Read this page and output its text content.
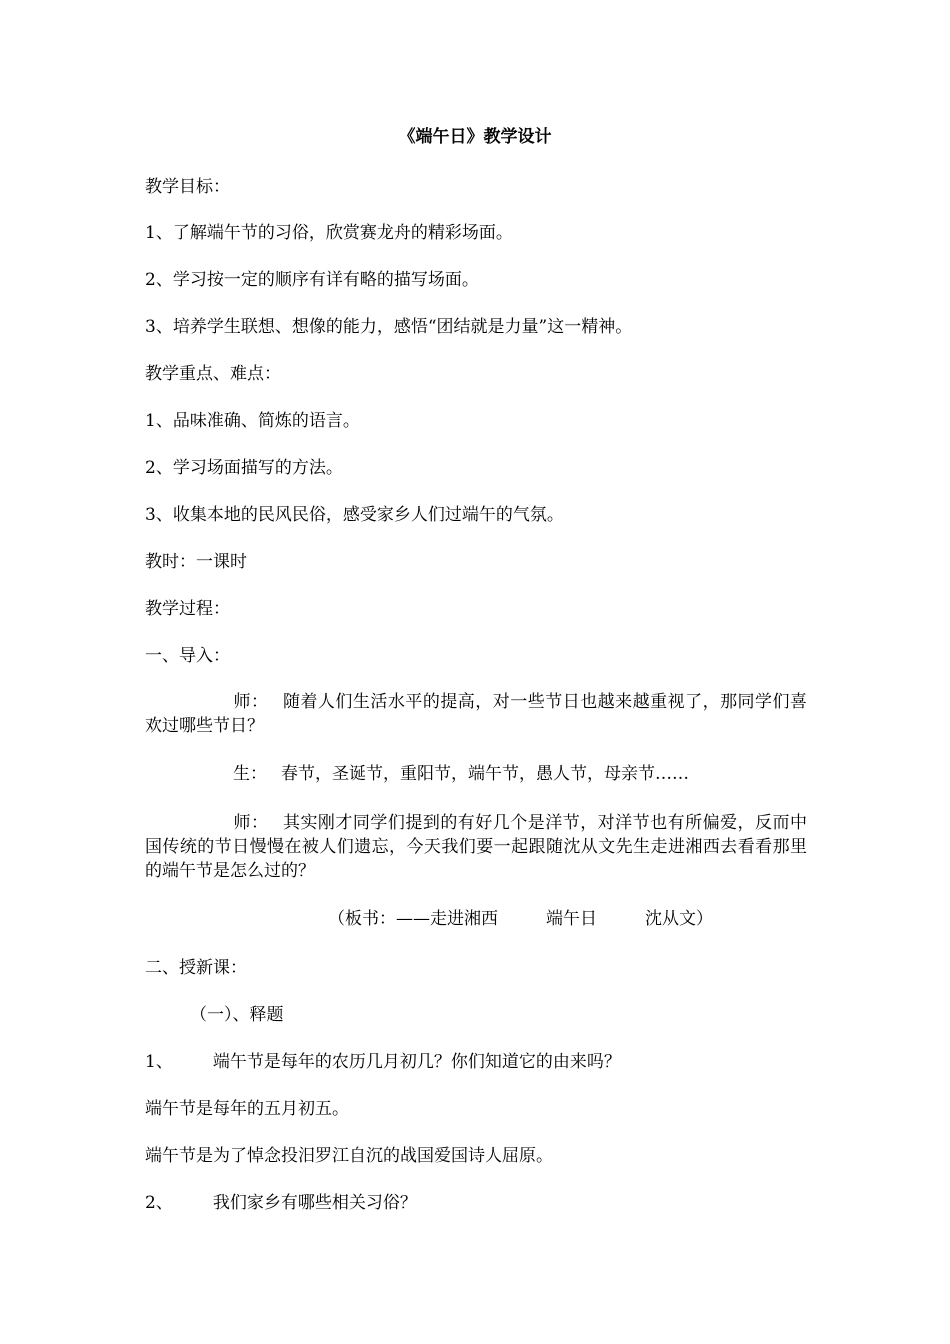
《端午日》教学设计
教学目标：
1、了解端午节的习俗，欣赏赛龙舟的精彩场面。
2、学习按一定的顺序有详有略的描写场面。
3、培养学生联想、想像的能力，感悟“团结就是力量”这一精神。
教学重点、难点：
1、品味准确、简炼的语言。
2、学习场面描写的方法。
3、收集本地的民风民俗，感受家乡人们过端午的气氛。
教时：一课时
教学过程：
一、导入：
师： 随着人们生活水平的提高，对一些节日也越来越重视了，那同学们喜欢过哪些节日？
生： 春节，圣诞节，重阳节，端午节，愚人节，母亲节……
师： 其实刚才同学们提到的有好几个是洋节，对洋节也有所偏爱，反而中国传统的节日慢慢在被人们遗忘，今天我们要一起跟随沈从文先生走进湘西去看看那里的端午节是怎么过的？
（板书：——走进湘西	端午日	沈从文）
二、授新课：
（一）、释题
1、 端午节是每年的农历几月初几？你们知道它的由来吗？
端午节是每年的五月初五。
端午节是为了悼念投汨罗江自沉的战国爱国诗人屈原。
2、 我们家乡有哪些相关习俗？
